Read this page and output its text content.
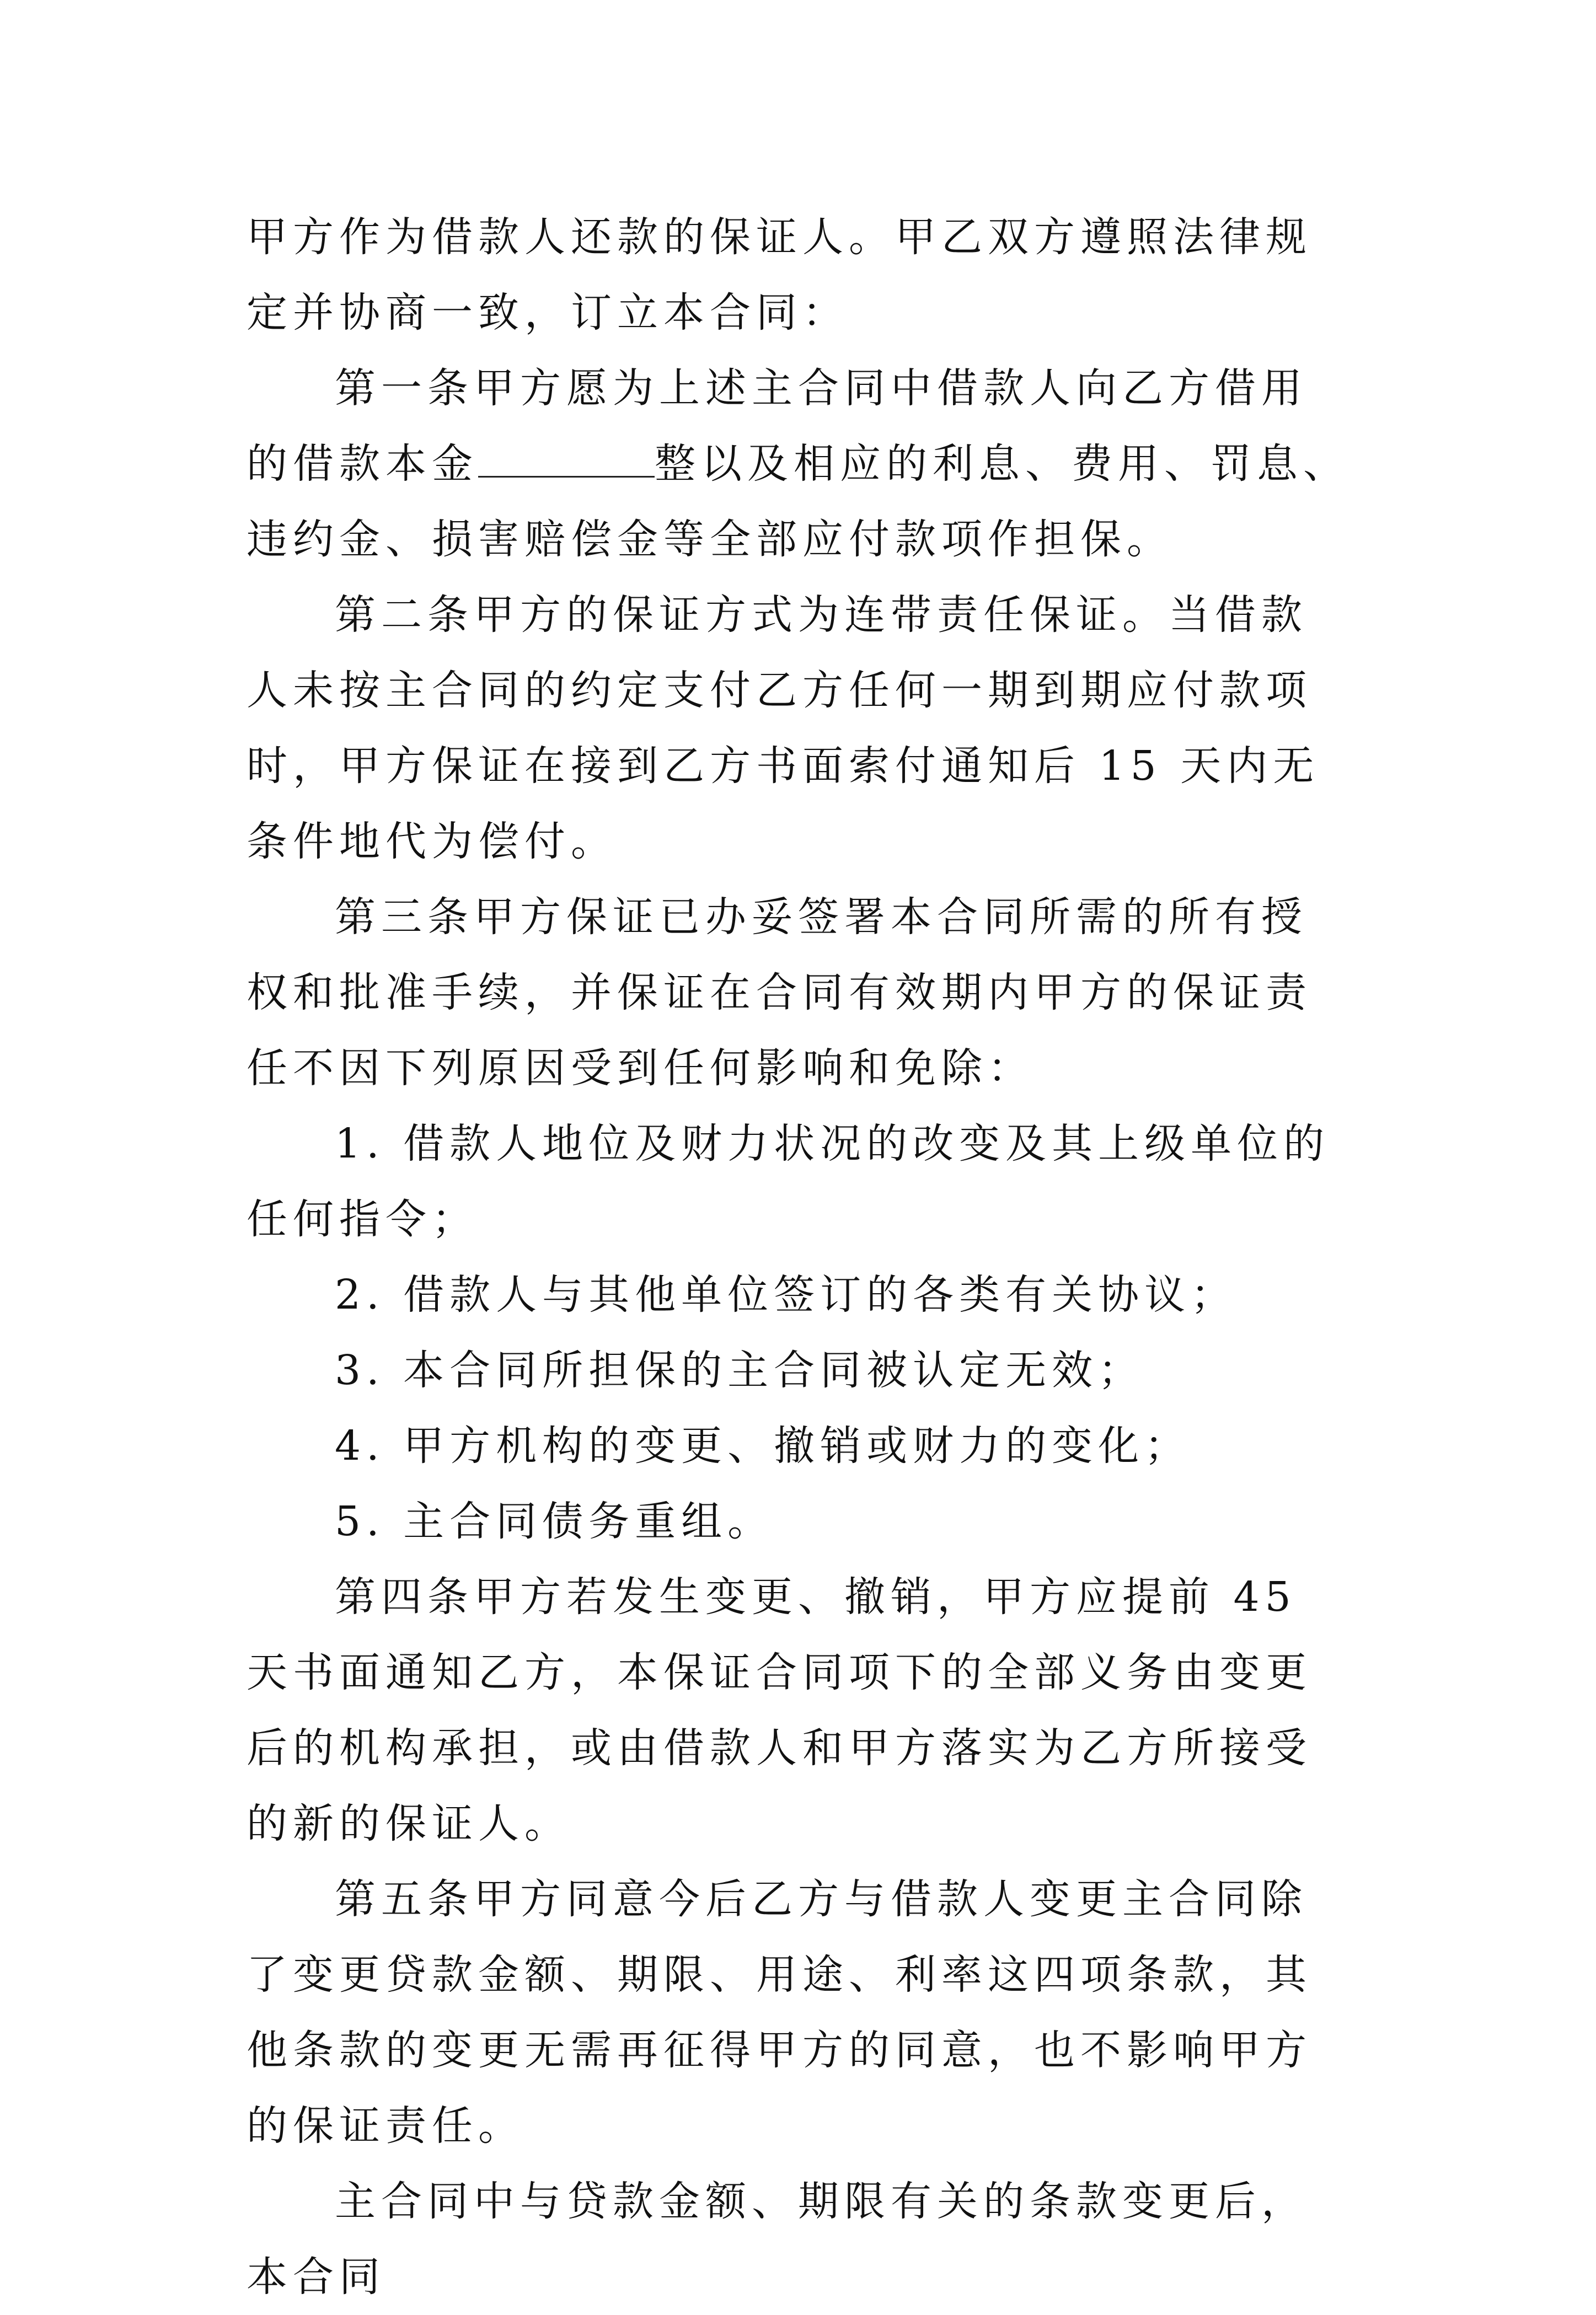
甲方作为借款人还款的保证人。甲乙双方遵照法律规定并协商一致，订立本合同：

第一条甲方愿为上述主合同中借款人向乙方借用的借款本金	整以及相应的利息、费用、罚息、违约金、损害赔偿金等全部应付款项作担保。

第二条甲方的保证方式为连带责任保证。当借款人未按主合同的约定支付乙方任何一期到期应付款项时，甲方保证在接到乙方书面索付通知后 15 天内无条件地代为偿付。

第三条甲方保证已办妥签署本合同所需的所有授权和批准手续，并保证在合同有效期内甲方的保证责任不因下列原因受到任何影响和免除：

1. 借款人地位及财力状况的改变及其上级单位的任何指令；

2. 借款人与其他单位签订的各类有关协议；

3. 本合同所担保的主合同被认定无效；

4. 甲方机构的变更、撤销或财力的变化；

5. 主合同债务重组。

第四条甲方若发生变更、撤销，甲方应提前 45 天书面通知乙方，本保证合同项下的全部义务由变更后的机构承担，或由借款人和甲方落实为乙方所接受的新的保证人。

第五条甲方同意今后乙方与借款人变更主合同除了变更贷款金额、期限、用途、利率这四项条款，其他条款的变更无需再征得甲方的同意，也不影响甲方的保证责任。

主合同中与贷款金额、期限有关的条款变更后，本合同
